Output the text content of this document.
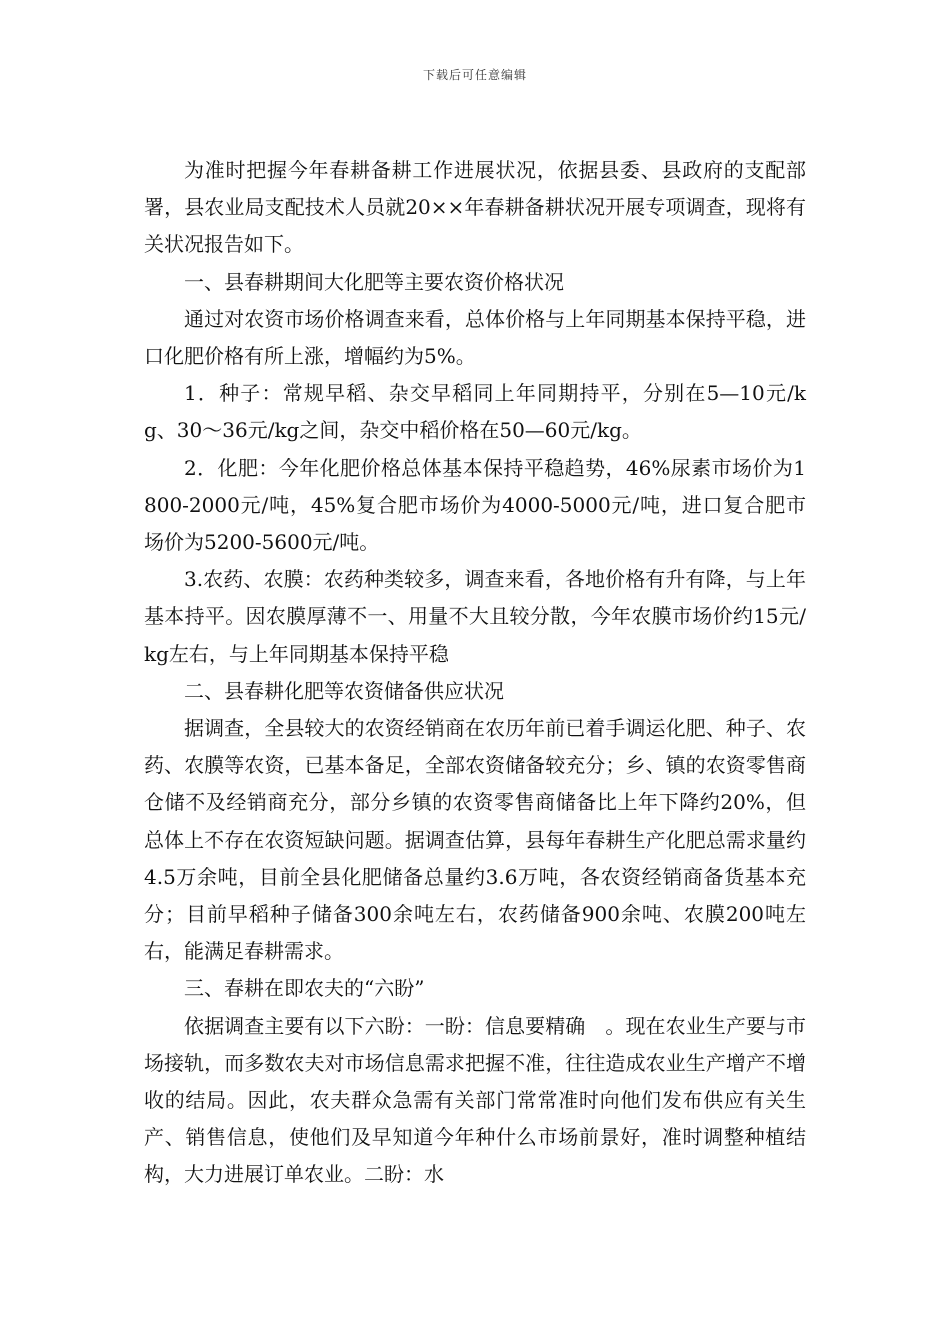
下载后可任意编辑

为准时把握今年春耕备耕工作进展状况，依据县委、县政府的支配部署，县农业局支配技术人员就20××年春耕备耕状况开展专项调查，现将有关状况报告如下。

一、县春耕期间大化肥等主要农资价格状况

通过对农资市场价格调查来看，总体价格与上年同期基本保持平稳，进口化肥价格有所上涨，增幅约为5%。

1．种子：常规早稻、杂交早稻同上年同期持平，分别在5—10元/kg、30～36元/kg之间，杂交中稻价格在50—60元/kg。

2．化肥：今年化肥价格总体基本保持平稳趋势，46%尿素市场价为1800-2000元/吨，45%复合肥市场价为4000-5000元/吨，进口复合肥市场价为5200-5600元/吨。

3.农药、农膜：农药种类较多，调查来看，各地价格有升有降，与上年基本持平。因农膜厚薄不一、用量不大且较分散，今年农膜市场价约15元/kg左右，与上年同期基本保持平稳

二、县春耕化肥等农资储备供应状况

据调查，全县较大的农资经销商在农历年前已着手调运化肥、种子、农药、农膜等农资，已基本备足，全部农资储备较充分；乡、镇的农资零售商仓储不及经销商充分，部分乡镇的农资零售商储备比上年下降约20%，但总体上不存在农资短缺问题。据调查估算，县每年春耕生产化肥总需求量约4.5万余吨，目前全县化肥储备总量约3.6万吨，各农资经销商备货基本充分；目前早稻种子储备300余吨左右，农药储备900余吨、农膜200吨左右，能满足春耕需求。

三、春耕在即农夫的“六盼”

依据调查主要有以下六盼：一盼：信息要精确　。现在农业生产要与市场接轨，而多数农夫对市场信息需求把握不准，往往造成农业生产增产不增收的结局。因此，农夫群众急需有关部门常常准时向他们发布供应有关生产、销售信息，使他们及早知道今年种什么市场前景好，准时调整种植结构，大力进展订单农业。二盼：水
